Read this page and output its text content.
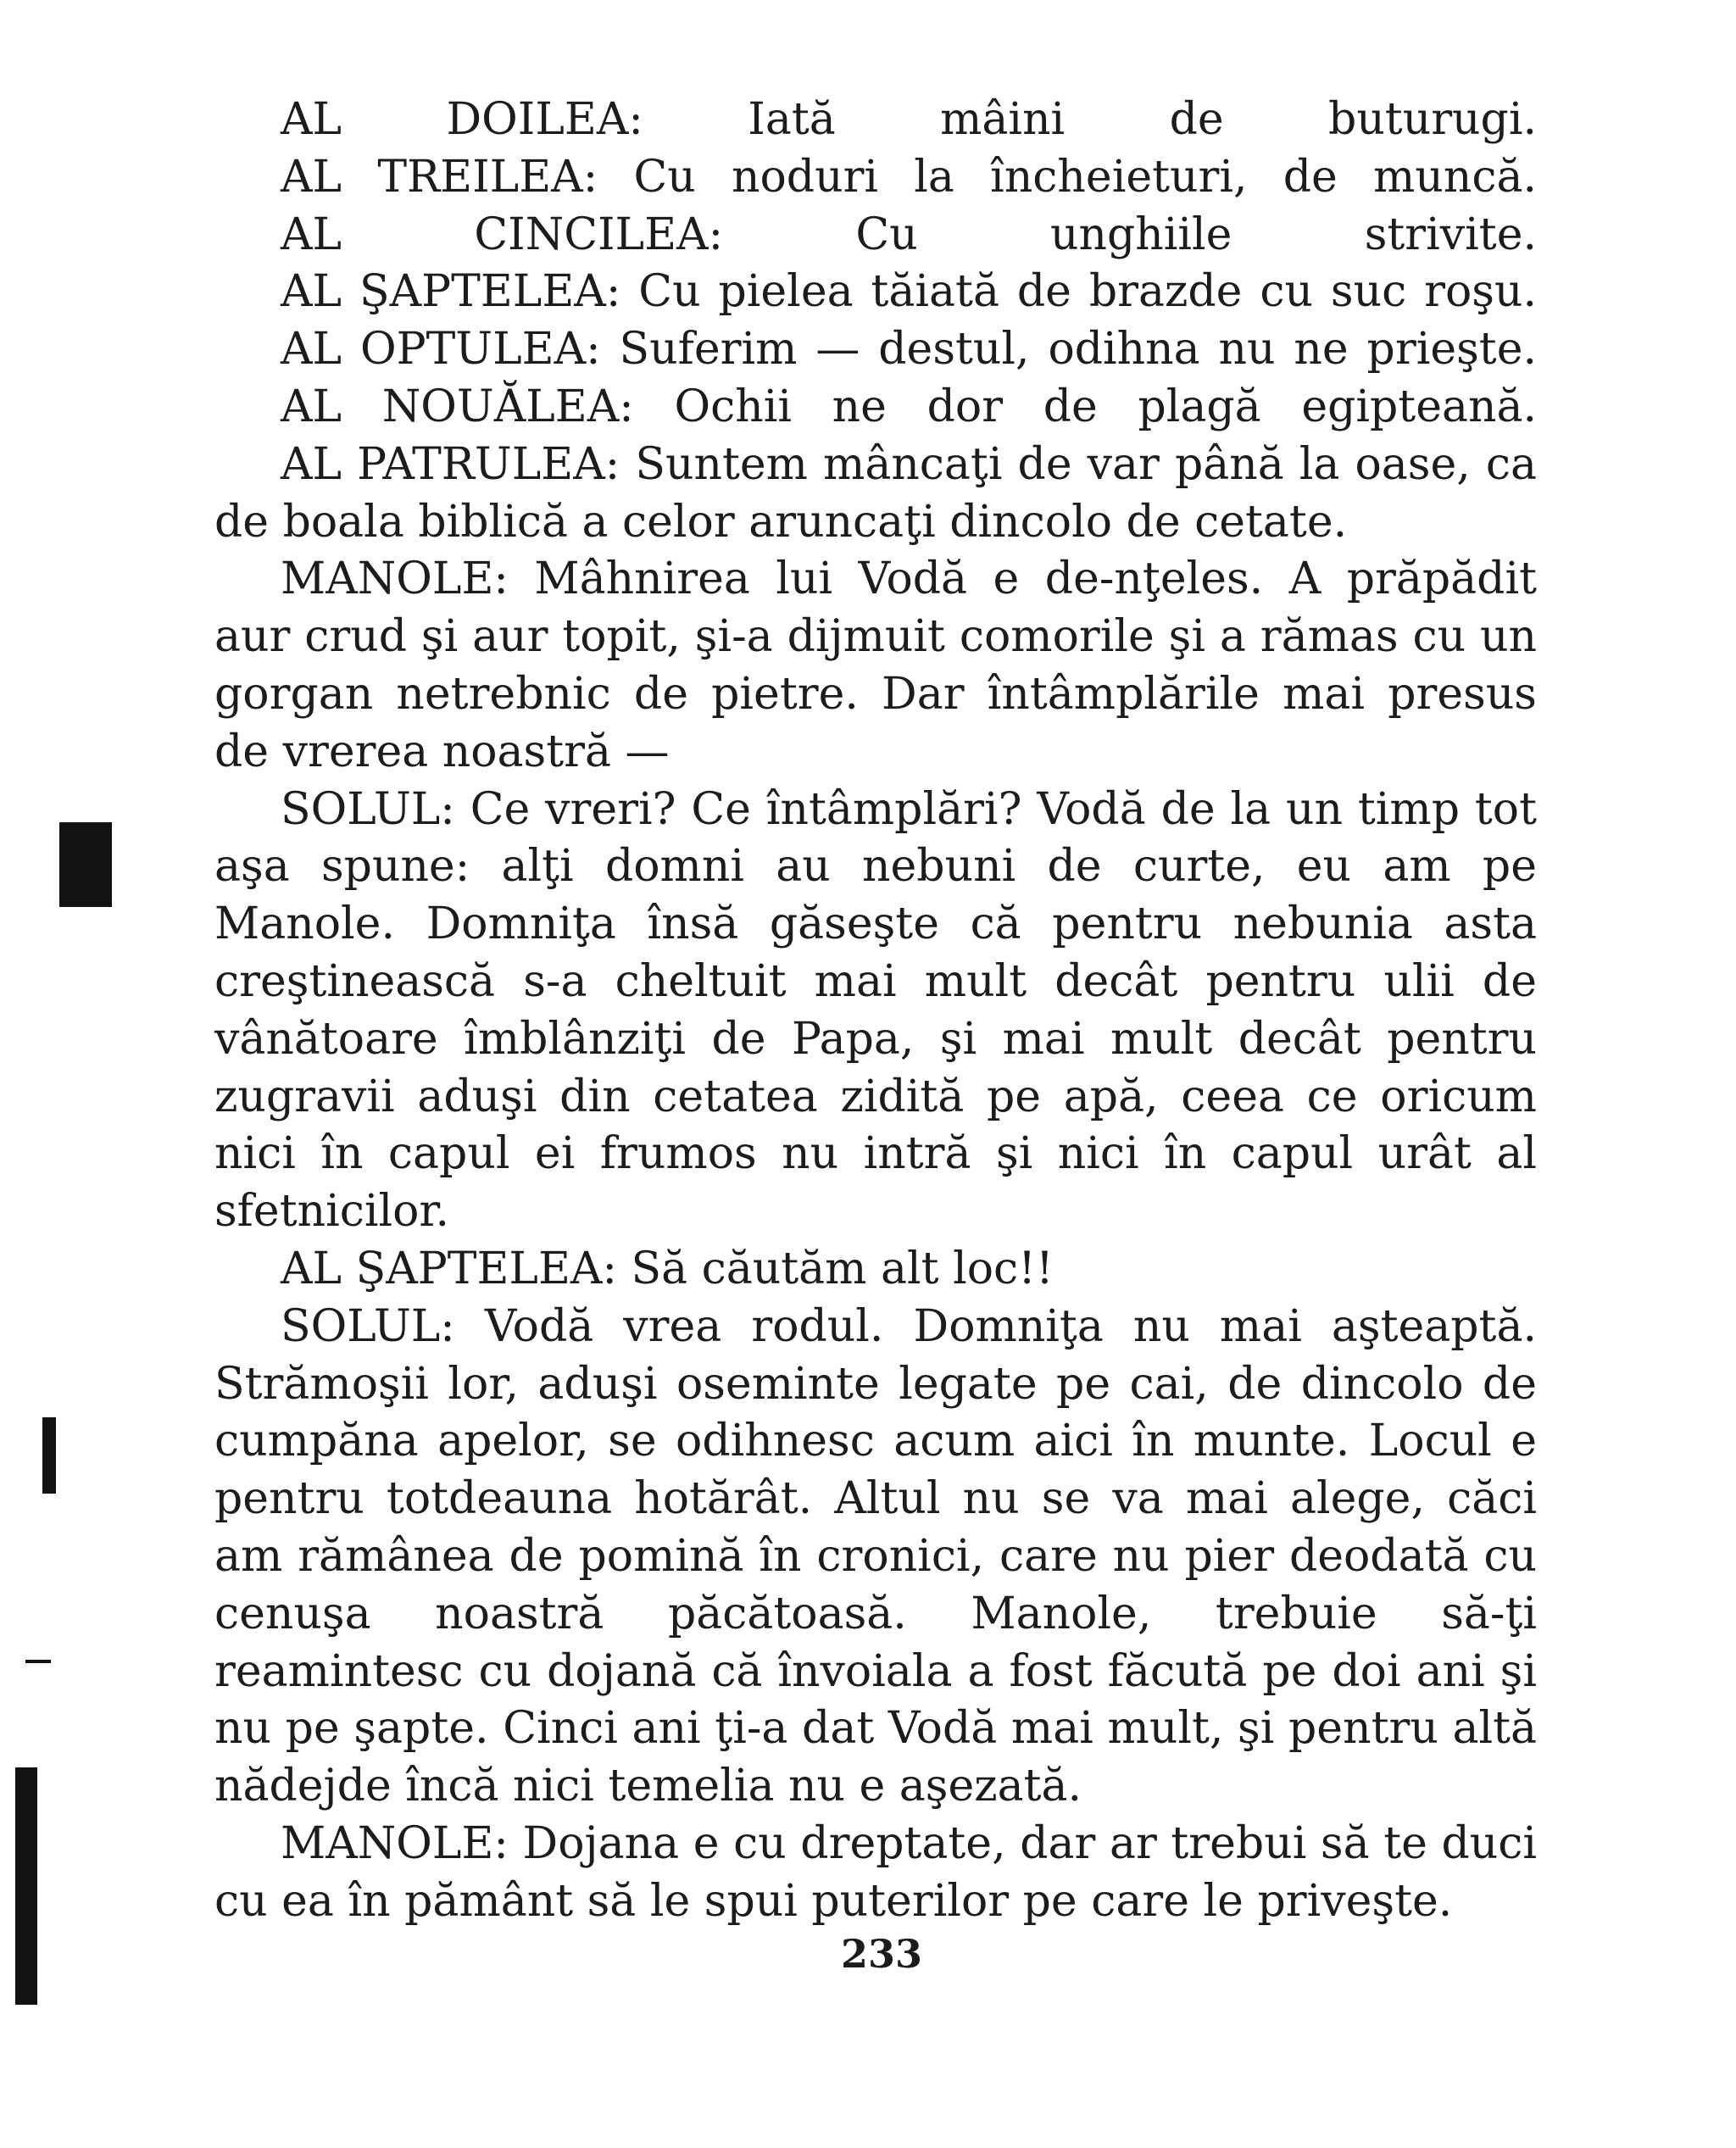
AL DOILEA: Iată mâini de buturugi.

AL TREILEA: Cu noduri la încheieturi, de muncă.

AL CINCILEA: Cu unghiile strivite.

AL ŞAPTELEA: Cu pielea tăiată de brazde cu suc roşu.

AL OPTULEA: Suferim — destul, odihna nu ne prieşte.

AL NOUĂLEA: Ochii ne dor de plagă egipteană.

AL PATRULEA: Suntem mâncaţi de var până la oase, ca de boala biblică a celor aruncaţi dincolo de cetate.

MANOLE: Mâhnirea lui Vodă e de-nţeles. A prăpădit aur crud şi aur topit, şi-a dijmuit comorile şi a rămas cu un gorgan netrebnic de pietre. Dar întâmplările mai presus de vrerea noastră —

SOLUL: Ce vreri? Ce întâmplări? Vodă de la un timp tot aşa spune: alţi domni au nebuni de curte, eu am pe Manole. Domniţa însă găseşte că pentru nebunia asta creştinească s-a cheltuit mai mult decât pentru ulii de vânătoare îmblânziţi de Papa, şi mai mult decât pentru zugravii aduşi din cetatea zidită pe apă, ceea ce oricum nici în capul ei frumos nu intră şi nici în capul urât al sfetnicilor.

AL ŞAPTELEA: Să căutăm alt loc!!

SOLUL: Vodă vrea rodul. Domniţa nu mai aşteaptă. Strămoşii lor, aduşi oseminte legate pe cai, de dincolo de cumpăna apelor, se odihnesc acum aici în munte. Locul e pentru totdeauna hotărât. Altul nu se va mai alege, căci am rămânea de pomină în cronici, care nu pier deodată cu cenuşa noastră păcătoasă. Manole, trebuie să-ţi reamintesc cu dojană că învoiala a fost făcută pe doi ani şi nu pe şapte. Cinci ani ţi-a dat Vodă mai mult, şi pentru altă nădejde încă nici temelia nu e aşezată.

MANOLE: Dojana e cu dreptate, dar ar trebui să te duci cu ea în pământ să le spui puterilor pe care le priveşte.

233
